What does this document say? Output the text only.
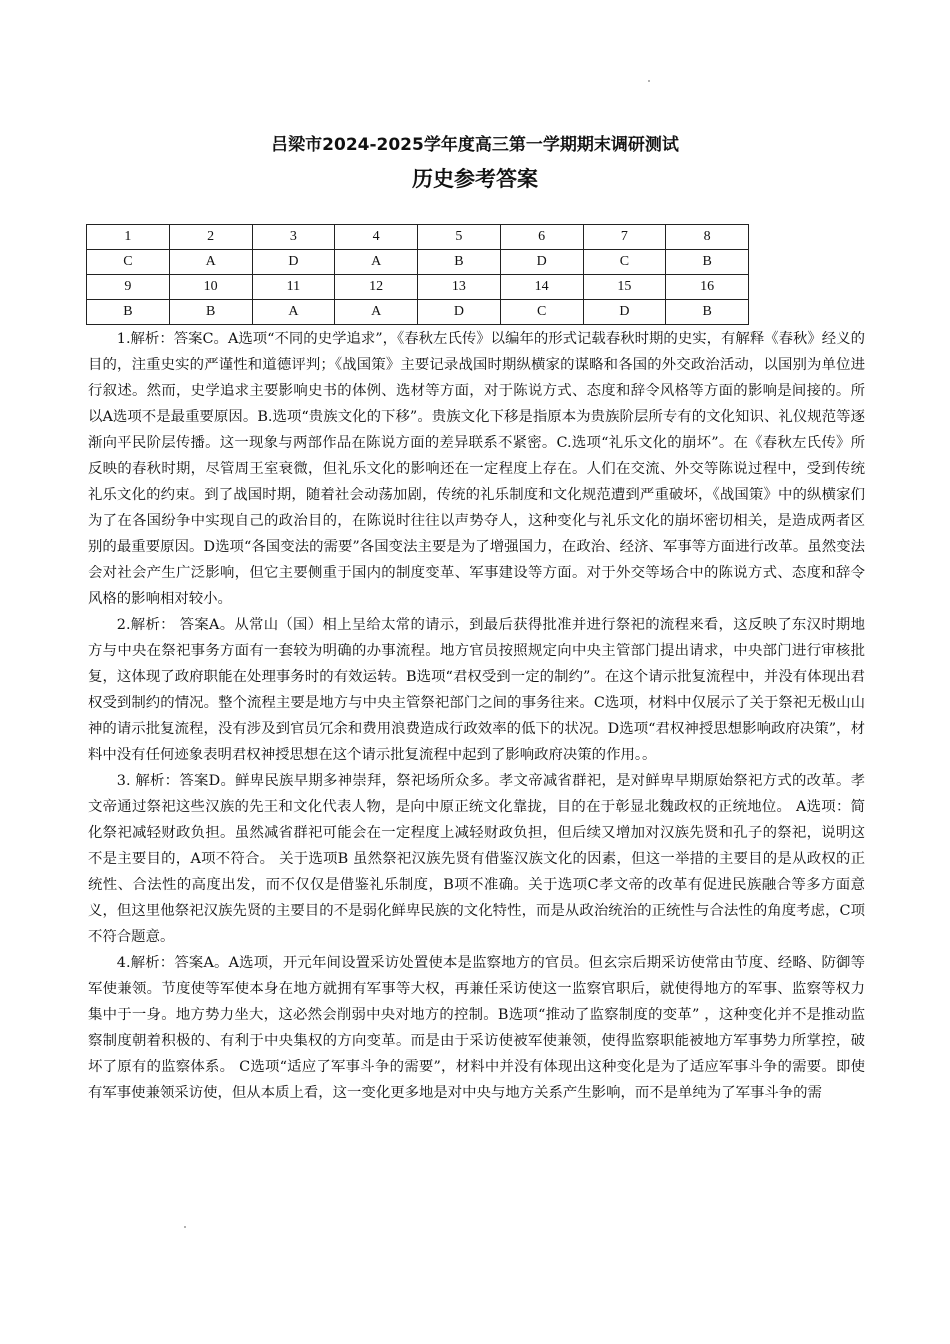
吕梁市2024-2025学年度高三第一学期期末调研测试
历史参考答案
1	2	3	4	5	6	7	8
C	A	D	A	B	D	C	B
9	10	11	12	13	14	15	16
B	B	A	A	D	C	D	B

1.解析：答案C。A选项“不同的史学追求”，《春秋左氏传》以编年的形式记载春秋时期的史实，有解释《春秋》经义的目的，注重史实的严谨性和道德评判；《战国策》主要记录战国时期纵横家的谋略和各国的外交政治活动，以国别为单位进行叙述。然而，史学追求主要影响史书的体例、选材等方面，对于陈说方式、态度和辞令风格等方面的影响是间接的。所以A选项不是最重要原因。B.选项“贵族文化的下移”。贵族文化下移是指原本为贵族阶层所专有的文化知识、礼仪规范等逐渐向平民阶层传播。这一现象与两部作品在陈说方面的差异联系不紧密。C.选项“礼乐文化的崩坏”。在《春秋左氏传》所反映的春秋时期，尽管周王室衰微，但礼乐文化的影响还在一定程度上存在。人们在交流、外交等陈说过程中，受到传统礼乐文化的约束。到了战国时期，随着社会动荡加剧，传统的礼乐制度和文化规范遭到严重破坏，《战国策》中的纵横家们为了在各国纷争中实现自己的政治目的，在陈说时往往以声势夺人，这种变化与礼乐文化的崩坏密切相关，是造成两者区别的最重要原因。D选项“各国变法的需要”各国变法主要是为了增强国力，在政治、经济、军事等方面进行改革。虽然变法会对社会产生广泛影响，但它主要侧重于国内的制度变革、军事建设等方面。对于外交等场合中的陈说方式、态度和辞令风格的影响相对较小。

2.解析： 答案A。从常山（国）相上呈给太常的请示，到最后获得批准并进行祭祀的流程来看，这反映了东汉时期地方与中央在祭祀事务方面有一套较为明确的办事流程。地方官员按照规定向中央主管部门提出请求，中央部门进行审核批复，这体现了政府职能在处理事务时的有效运转。B选项“君权受到一定的制约”。在这个请示批复流程中，并没有体现出君权受到制约的情况。整个流程主要是地方与中央主管祭祀部门之间的事务往来。C选项，材料中仅展示了关于祭祀无极山山神的请示批复流程，没有涉及到官员冗余和费用浪费造成行政效率的低下的状况。D选项“君权神授思想影响政府决策”，材料中没有任何迹象表明君权神授思想在这个请示批复流程中起到了影响政府决策的作用。。

3. 解析：答案D。鲜卑民族早期多神崇拜，祭祀场所众多。孝文帝减省群祀，是对鲜卑早期原始祭祀方式的改革。孝文帝通过祭祀这些汉族的先王和文化代表人物，是向中原正统文化靠拢，目的在于彰显北魏政权的正统地位。 A选项：简化祭祀减轻财政负担。虽然减省群祀可能会在一定程度上减轻财政负担，但后续又增加对汉族先贤和孔子的祭祀，说明这不是主要目的，A项不符合。 关于选项B 虽然祭祀汉族先贤有借鉴汉族文化的因素，但这一举措的主要目的是从政权的正统性、合法性的高度出发，而不仅仅是借鉴礼乐制度，B项不准确。关于选项C孝文帝的改革有促进民族融合等多方面意义，但这里他祭祀汉族先贤的主要目的不是弱化鲜卑民族的文化特性，而是从政治统治的正统性与合法性的角度考虑，C项不符合题意。

4.解析：答案A。A选项，开元年间设置采访处置使本是监察地方的官员。但玄宗后期采访使常由节度、经略、防御等军使兼领。节度使等军使本身在地方就拥有军事等大权，再兼任采访使这一监察官职后，就使得地方的军事、监察等权力集中于一身。地方势力坐大，这必然会削弱中央对地方的控制。B选项“推动了监察制度的变革” ，这种变化并不是推动监察制度朝着积极的、有利于中央集权的方向变革。而是由于采访使被军使兼领，使得监察职能被地方军事势力所掌控，破坏了原有的监察体系。 C选项“适应了军事斗争的需要”，材料中并没有体现出这种变化是为了适应军事斗争的需要。即使有军事使兼领采访使，但从本质上看，这一变化更多地是对中央与地方关系产生影响，而不是单纯为了军事斗争的需
